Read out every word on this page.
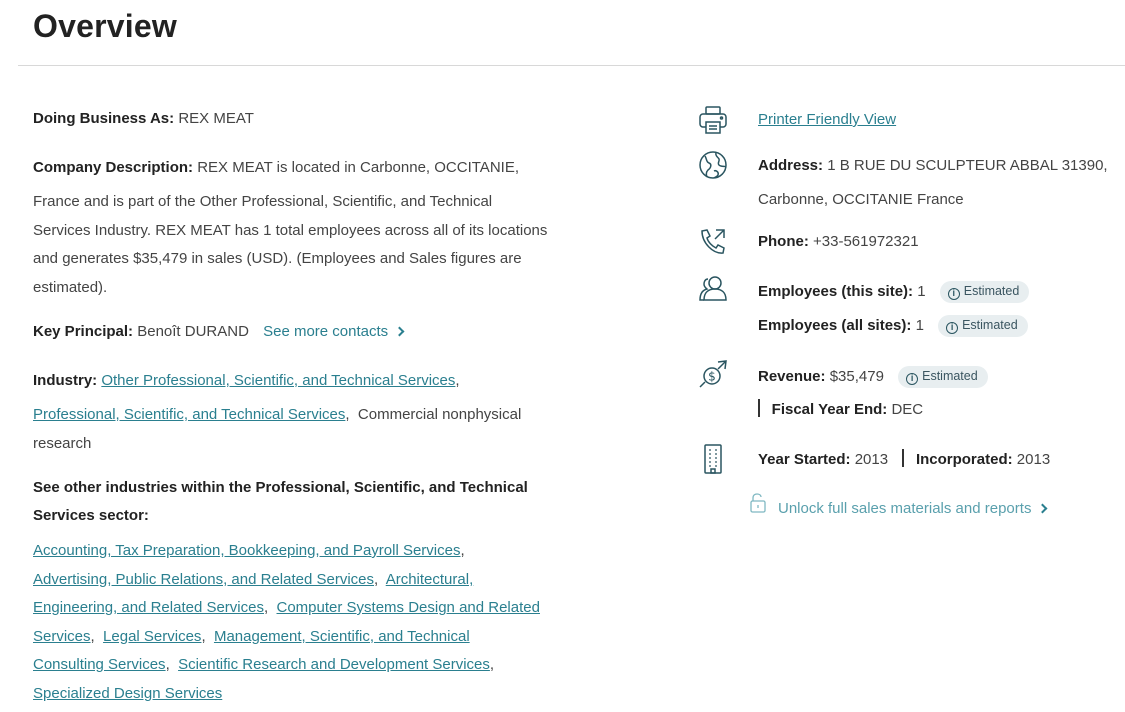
Overview
Doing Business As: REX MEAT
Company Description: REX MEAT is located in Carbonne, OCCITANIE,
France and is part of the Other Professional, Scientific, and Technical
Services Industry. REX MEAT has 1 total employees across all of its locations
and generates $35,479 in sales (USD). (Employees and Sales figures are
estimated).
Key Principal: Benoît DURAND See more contacts
Industry: Other Professional, Scientific, and Technical Services,
Professional, Scientific, and Technical Services, Commercial nonphysical
research
See other industries within the Professional, Scientific, and Technical
Services sector:
Accounting, Tax Preparation, Bookkeeping, and Payroll Services,
Advertising, Public Relations, and Related Services, Architectural,
Engineering, and Related Services, Computer Systems Design and Related
Services, Legal Services, Management, Scientific, and Technical
Consulting Services, Scientific Research and Development Services,
Specialized Design Services
Printer Friendly View
Address: 1 B RUE DU SCULPTEUR ABBAL 31390,
Carbonne, OCCITANIE France
Phone: +33-561972321
Employees (this site): 1	i Estimated
Employees (all sites): 1	i Estimated
$	Revenue: $35,479	i Estimated
Fiscal Year End: DEC
Year Started: 2013 Incorporated: 2013
Unlock full sales materials and reports
